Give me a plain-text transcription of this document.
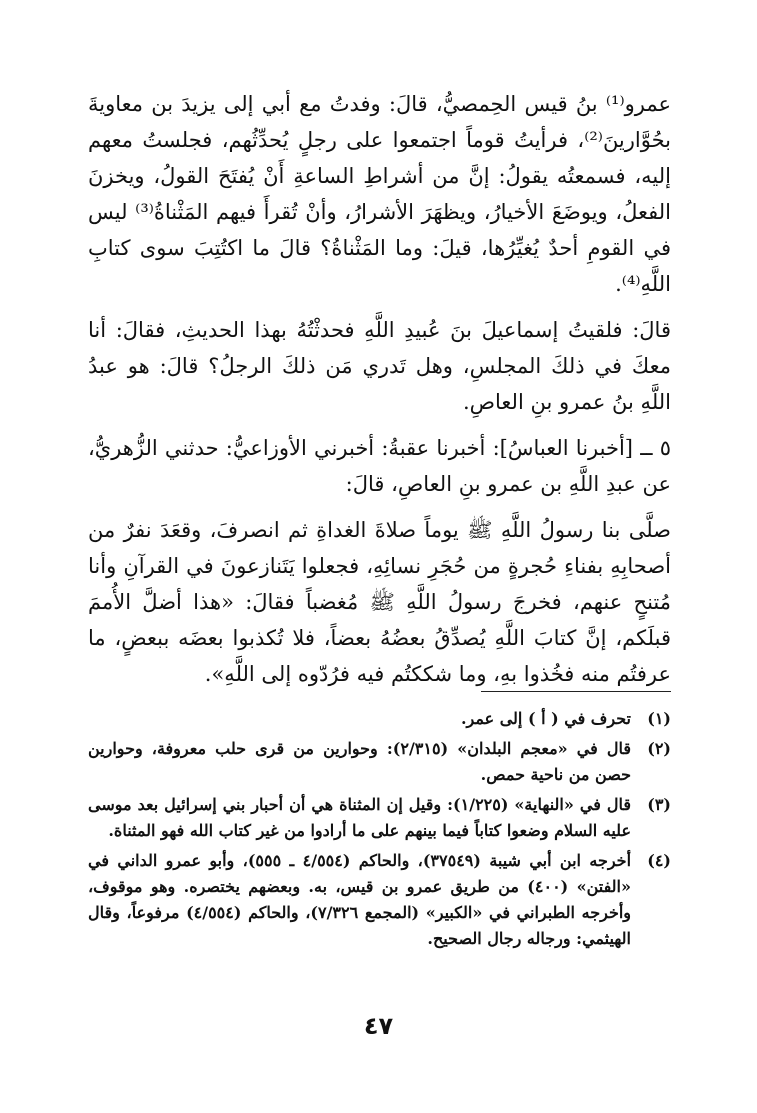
عمرو⁽¹⁾ بنُ قيس الحِمصيُّ، قالَ: وفدتُ مع أبي إلى يزيدَ بن معاويةَ بحُوَّارينَ⁽²⁾، فرأيتُ قوماً اجتمعوا على رجلٍ يُحدِّثُهم، فجلستُ معهم إليه، فسمعتُه يقولُ: إنَّ من أشراطِ الساعةِ أَنْ يُفتَحَ القولُ، ويخزنَ الفعلُ، ويوضَعَ الأخيارُ، ويظهَرَ الأشرارُ، وأنْ تُقرأَ فيهم المَثْناةُ⁽³⁾ ليس في القومِ أحدٌ يُغيِّرُها، قيلَ: وما المَثْناةُ؟ قالَ ما اكتُتِبَ سوى كتابِ اللَّهِ⁽⁴⁾.

قالَ: فلقيتُ إسماعيلَ بنَ عُبيدِ اللَّهِ فحدثْتُهُ بهذا الحديثِ، فقالَ: أنا معكَ في ذلكَ المجلسِ، وهل تَدري مَن ذلكَ الرجلُ؟ قالَ: هو عبدُ اللَّهِ بنُ عمرو بنِ العاصِ.

٥ ــ [أخبرنا العباسُ]: أخبرنا عقبةُ: أخبرني الأوزاعيُّ: حدثني الزُّهريُّ، عن عبدِ اللَّهِ بن عمرو بنِ العاصِ، قالَ:

صلَّى بنا رسولُ اللَّهِ ﷺ يوماً صلاةَ الغداةِ ثم انصرفَ، وقعَدَ نفرٌ من أصحابِهِ بفناءِ حُجرةٍ من حُجَرِ نسائِهِ، فجعلوا يَتَنازعونَ في القرآنِ وأنا مُتنحٍ عنهم، فخرجَ رسولُ اللَّهِ ﷺ مُغضباً فقالَ: «هذا أضلَّ الأُممَ قبلَكم، إنَّ كتابَ اللَّهِ يُصدِّقُ بعضُهُ بعضاً، فلا تُكذبوا بعضَه ببعضٍ، ما عرفتُم منه فخُذوا بهِ، وما شككتُم فيه فرُدّوه إلى اللَّهِ».

(١)
تحرف في ( أ ) إلى عمر.
(٢)
قال في «معجم البلدان» (٢/٣١٥): وحوارين من قرى حلب معروفة، وحوارين حصن من ناحية حمص.
(٣)
قال في «النهاية» (١/٢٢٥): وقيل إن المثناة هي أن أحبار بني إسرائيل بعد موسى عليه السلام وضعوا كتاباً فيما بينهم على ما أرادوا من غير كتاب الله فهو المثناة.
(٤)
أخرجه ابن أبي شيبة (٣٧٥٤٩)، والحاكم (٤/٥٥٤ ـ ٥٥٥)، وأبو عمرو الداني في «الفتن» (٤٠٠) من طريق عمرو بن قيس، به. وبعضهم يختصره. وهو موقوف، وأخرجه الطبراني في «الكبير» (المجمع ٧/٣٢٦)، والحاكم (٤/٥٥٤) مرفوعاً، وقال الهيثمي: ورجاله رجال الصحيح.
٤٧
